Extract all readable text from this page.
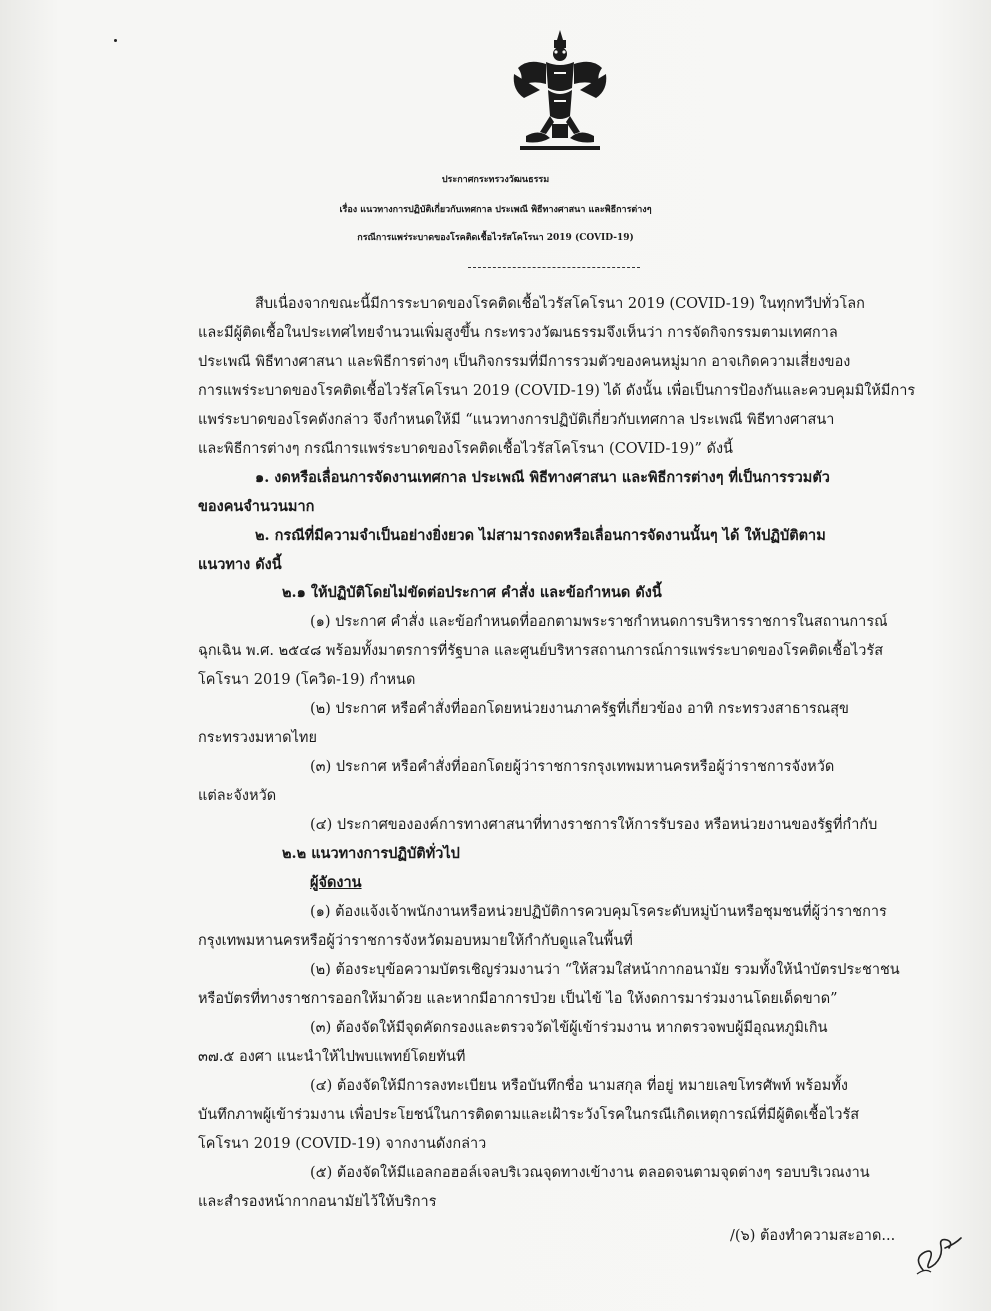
ประกาศกระทรวงวัฒนธรรม
เรื่อง แนวทางการปฏิบัติเกี่ยวกับเทศกาล ประเพณี พิธีทางศาสนา และพิธีการต่างๆ
กรณีการแพร่ระบาดของโรคติดเชื้อไวรัสโคโรนา 2019 (COVID-19)
สืบเนื่องจากขณะนี้มีการระบาดของโรคติดเชื้อไวรัสโคโรนา 2019 (COVID-19) ในทุกทวีปทั่วโลก
และมีผู้ติดเชื้อในประเทศไทยจำนวนเพิ่มสูงขึ้น กระทรวงวัฒนธรรมจึงเห็นว่า การจัดกิจกรรมตามเทศกาล
ประเพณี พิธีทางศาสนา และพิธีการต่างๆ เป็นกิจกรรมที่มีการรวมตัวของคนหมู่มาก อาจเกิดความเสี่ยงของ
การแพร่ระบาดของโรคติดเชื้อไวรัสโคโรนา 2019 (COVID-19) ได้ ดังนั้น เพื่อเป็นการป้องกันและควบคุมมิให้มีการ
แพร่ระบาดของโรคดังกล่าว จึงกำหนดให้มี “แนวทางการปฏิบัติเกี่ยวกับเทศกาล ประเพณี พิธีทางศาสนา
และพิธีการต่างๆ กรณีการแพร่ระบาดของโรคติดเชื้อไวรัสโคโรนา (COVID-19)” ดังนี้
๑. งดหรือเลื่อนการจัดงานเทศกาล ประเพณี พิธีทางศาสนา และพิธีการต่างๆ ที่เป็นการรวมตัว
ของคนจำนวนมาก
๒. กรณีที่มีความจำเป็นอย่างยิ่งยวด ไม่สามารถงดหรือเลื่อนการจัดงานนั้นๆ ได้ ให้ปฏิบัติตาม
แนวทาง ดังนี้
๒.๑ ให้ปฏิบัติโดยไม่ขัดต่อประกาศ คำสั่ง และข้อกำหนด ดังนี้
(๑) ประกาศ คำสั่ง และข้อกำหนดที่ออกตามพระราชกำหนดการบริหารราชการในสถานการณ์
ฉุกเฉิน พ.ศ. ๒๕๔๘ พร้อมทั้งมาตรการที่รัฐบาล และศูนย์บริหารสถานการณ์การแพร่ระบาดของโรคติดเชื้อไวรัส
โคโรนา 2019 (โควิด-19) กำหนด
(๒) ประกาศ หรือคำสั่งที่ออกโดยหน่วยงานภาครัฐที่เกี่ยวข้อง อาทิ กระทรวงสาธารณสุข
กระทรวงมหาดไทย
(๓) ประกาศ หรือคำสั่งที่ออกโดยผู้ว่าราชการกรุงเทพมหานครหรือผู้ว่าราชการจังหวัด
แต่ละจังหวัด
(๔) ประกาศขององค์การทางศาสนาที่ทางราชการให้การรับรอง หรือหน่วยงานของรัฐที่กำกับ
๒.๒ แนวทางการปฏิบัติทั่วไป
ผู้จัดงาน
(๑) ต้องแจ้งเจ้าพนักงานหรือหน่วยปฏิบัติการควบคุมโรคระดับหมู่บ้านหรือชุมชนที่ผู้ว่าราชการ
กรุงเทพมหานครหรือผู้ว่าราชการจังหวัดมอบหมายให้กำกับดูแลในพื้นที่
(๒) ต้องระบุข้อความบัตรเชิญร่วมงานว่า “ให้สวมใส่หน้ากากอนามัย รวมทั้งให้นำบัตรประชาชน
หรือบัตรที่ทางราชการออกให้มาด้วย และหากมีอาการป่วย เป็นไข้ ไอ ให้งดการมาร่วมงานโดยเด็ดขาด”
(๓) ต้องจัดให้มีจุดคัดกรองและตรวจวัดไข้ผู้เข้าร่วมงาน หากตรวจพบผู้มีอุณหภูมิเกิน
๓๗.๕ องศา แนะนำให้ไปพบแพทย์โดยทันที
(๔) ต้องจัดให้มีการลงทะเบียน หรือบันทึกชื่อ นามสกุล ที่อยู่ หมายเลขโทรศัพท์ พร้อมทั้ง
บันทึกภาพผู้เข้าร่วมงาน เพื่อประโยชน์ในการติดตามและเฝ้าระวังโรคในกรณีเกิดเหตุการณ์ที่มีผู้ติดเชื้อไวรัส
โคโรนา 2019 (COVID-19) จากงานดังกล่าว
(๕) ต้องจัดให้มีแอลกอฮอล์เจลบริเวณจุดทางเข้างาน ตลอดจนตามจุดต่างๆ รอบบริเวณงาน
และสำรองหน้ากากอนามัยไว้ให้บริการ
/(๖) ต้องทำความสะอาด...
